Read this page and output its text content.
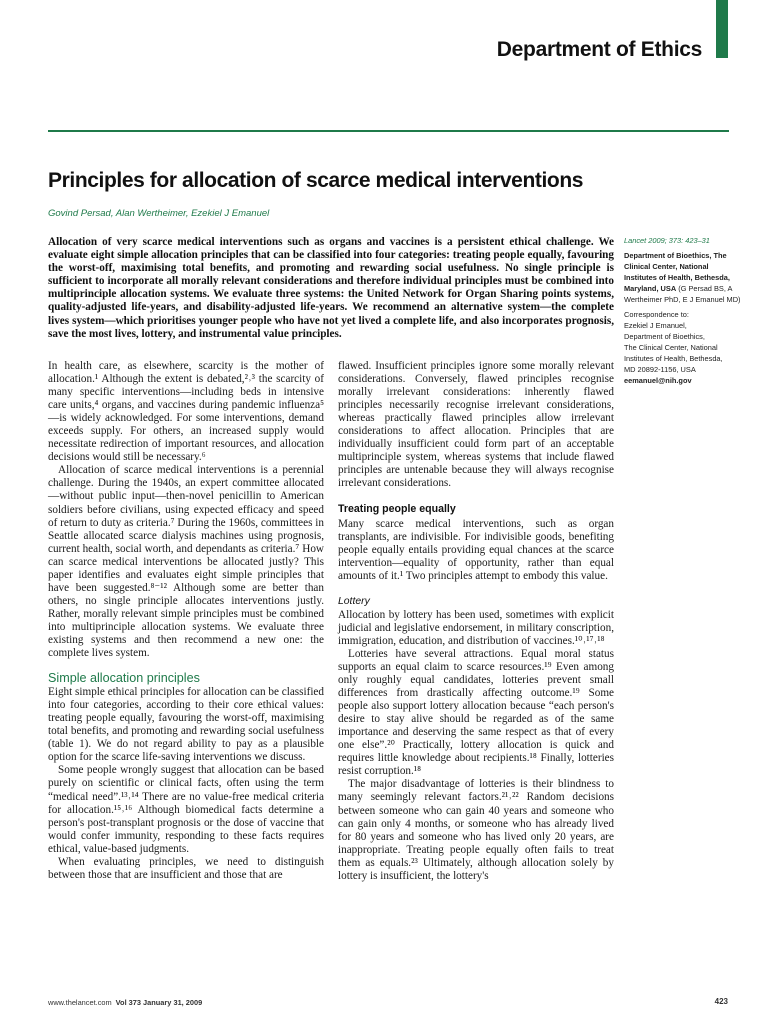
Department of Ethics
Principles for allocation of scarce medical interventions
Govind Persad, Alan Wertheimer, Ezekiel J Emanuel
Allocation of very scarce medical interventions such as organs and vaccines is a persistent ethical challenge. We evaluate eight simple allocation principles that can be classified into four categories: treating people equally, favouring the worst-off, maximising total benefits, and promoting and rewarding social usefulness. No single principle is sufficient to incorporate all morally relevant considerations and therefore individual principles must be combined into multiprinciple allocation systems. We evaluate three systems: the United Network for Organ Sharing points systems, quality-adjusted life-years, and disability-adjusted life-years. We recommend an alternative system—the complete lives system—which prioritises younger people who have not yet lived a complete life, and also incorporates prognosis, save the most lives, lottery, and instrumental value principles.
Lancet 2009; 373: 423–31
Department of Bioethics, The Clinical Center, National Institutes of Health, Bethesda, Maryland, USA (G Persad BS, A Wertheimer PhD, E J Emanuel MD)
Correspondence to:
Ezekiel J Emanuel,
Department of Bioethics,
The Clinical Center, National
Institutes of Health, Bethesda,
MD 20892-1156, USA
eemanuel@nih.gov

In health care, as elsewhere, scarcity is the mother of allocation.¹ Although the extent is debated,²˒³ the scarcity of many specific interventions—including beds in intensive care units,⁴ organs, and vaccines during pandemic influenza⁵—is widely acknowledged. For some interventions, demand exceeds supply. For others, an increased supply would necessitate redirection of important resources, and allocation decisions would still be necessary.⁶

Allocation of scarce medical interventions is a perennial challenge. During the 1940s, an expert committee allocated—without public input—then-novel penicillin to American soldiers before civilians, using expected efficacy and speed of return to duty as criteria.⁷ During the 1960s, committees in Seattle allocated scarce dialysis machines using prognosis, current health, social worth, and dependants as criteria.⁷ How can scarce medical interventions be allocated justly? This paper identifies and evaluates eight simple principles that have been suggested.⁸⁻¹² Although some are better than others, no single principle allocates interventions justly. Rather, morally relevant simple principles must be combined into multiprinciple allocation systems. We evaluate three existing systems and then recommend a new one: the complete lives system.

Simple allocation principles

Eight simple ethical principles for allocation can be classified into four categories, according to their core ethical values: treating people equally, favouring the worst-off, maximising total benefits, and promoting and rewarding social usefulness (table 1). We do not regard ability to pay as a plausible option for the scarce life-saving interventions we discuss.

Some people wrongly suggest that allocation can be based purely on scientific or clinical facts, often using the term “medical need”.¹³˒¹⁴ There are no value-free medical criteria for allocation.¹⁵˒¹⁶ Although biomedical facts determine a person's post-transplant prognosis or the dose of vaccine that would confer immunity, responding to these facts requires ethical, value-based judgments.

When evaluating principles, we need to distinguish between those that are insufficient and those that are

flawed. Insufficient principles ignore some morally relevant considerations. Conversely, flawed principles recognise morally irrelevant considerations: inherently flawed principles necessarily recognise irrelevant considerations, whereas practically flawed principles allow irrelevant considerations to affect allocation. Principles that are individually insufficient could form part of an acceptable multiprinciple system, whereas systems that include flawed principles are untenable because they will always recognise irrelevant considerations.

Treating people equally

Many scarce medical interventions, such as organ transplants, are indivisible. For indivisible goods, benefiting people equally entails providing equal chances at the scarce intervention—equality of opportunity, rather than equal amounts of it.¹ Two principles attempt to embody this value.

Lottery

Allocation by lottery has been used, sometimes with explicit judicial and legislative endorsement, in military conscription, immigration, education, and distribution of vaccines.¹⁰˒¹⁷˒¹⁸

Lotteries have several attractions. Equal moral status supports an equal claim to scarce resources.¹⁹ Even among only roughly equal candidates, lotteries prevent small differences from drastically affecting outcome.¹⁹ Some people also support lottery allocation because “each person's desire to stay alive should be regarded as of the same importance and deserving the same respect as that of every one else”.²⁰ Practically, lottery allocation is quick and requires little knowledge about recipients.¹⁸ Finally, lotteries resist corruption.¹⁸

The major disadvantage of lotteries is their blindness to many seemingly relevant factors.²¹˒²² Random decisions between someone who can gain 40 years and someone who can gain only 4 months, or someone who has already lived for 80 years and someone who has lived only 20 years, are inappropriate. Treating people equally often fails to treat them as equals.²³ Ultimately, although allocation solely by lottery is insufficient, the lottery's

www.thelancet.com Vol 373 January 31, 2009	423
